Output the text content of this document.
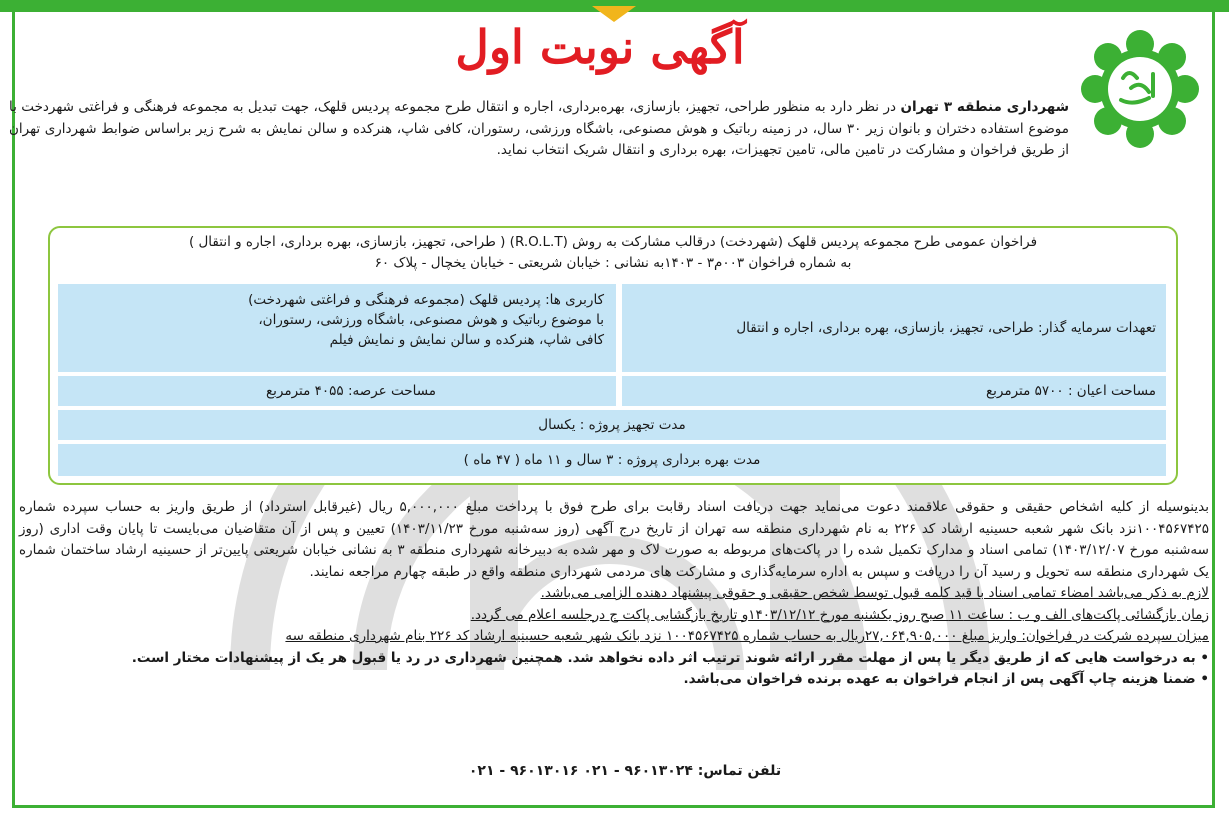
آگهی نوبت اول
شهرداری منطقه ۳ تهران در نظر دارد به منظور طراحی، تجهیز، بازسازی، بهره‌برداری، اجاره و انتقال طرح مجموعه پردیس قلهک، جهت تبدیل به مجموعه فرهنگی و فراغتی شهردخت با موضوع استفاده دختران و بانوان زیر ۳۰ سال، در زمینه رباتیک و هوش مصنوعی، باشگاه ورزشی، رستوران، کافی شاپ، هنرکده و سالن نمایش به شرح زیر براساس ضوابط شهرداری تهران از طریق فراخوان و مشارکت در تامین مالی، تامین تجهیزات، بهره برداری و انتقال شریک انتخاب نماید.
فراخوان عمومی طرح مجموعه پردیس قلهک (شهردخت) درقالب مشارکت به روش (R.O.L.T) ( طراحی، تجهیز، بازسازی، بهره برداری، اجاره و انتقال )
به شماره فراخوان ۰۰۳م۳ - ۱۴۰۳به نشانی : خیابان شریعتی - خیابان یخچال - پلاک ۶۰
تعهدات سرمایه گذار: طراحی، تجهیز، بازسازی، بهره برداری، اجاره و انتقال
کاربری ها: پردیس قلهک (مجموعه فرهنگی و فراغتی شهردخت)
با موضوع رباتیک و هوش مصنوعی، باشگاه ورزشی، رستوران،
کافی شاپ، هنرکده و سالن نمایش و نمایش فیلم
مساحت اعیان : ۵۷۰۰ مترمربع
مساحت عرصه: ۴۰۵۵ مترمربع
مدت تجهیز پروژه : یکسال
مدت بهره برداری پروژه : ۳ سال و ۱۱ ماه ( ۴۷ ماه )

بدینوسیله از کلیه اشخاص حقیقی و حقوقی علاقمند دعوت می‌نماید جهت دریافت اسناد رقابت برای طرح فوق با پرداخت مبلغ ۵,۰۰۰,۰۰۰ ریال (غیرقابل استرداد) از طریق واریز به حساب سپرده شماره ۱۰۰۴۵۶۷۴۲۵نزد بانک شهر شعبه حسینیه ارشاد کد ۲۲۶ به نام شهرداری منطقه سه تهران از تاریخ درج آگهی (روز سه‌شنبه مورخ ۱۴۰۳/۱۱/۲۳) تعیین و پس از آن متقاضیان می‌بایست تا پایان وقت اداری (روز سه‌شنبه مورخ ۱۴۰۳/۱۲/۰۷) تمامی اسناد و مدارک تکمیل شده را در پاکت‌های مربوطه به صورت لاک و مهر شده به دبیرخانه شهرداری منطقه ۳ به نشانی خیابان شریعتی پایین‌تر از حسینیه ارشاد ساختمان شماره یک شهرداری منطقه سه تحویل و رسید آن را دریافت و سپس به اداره سرمایه‌گذاری و مشارکت های مردمی شهرداری منطقه واقع در طبقه چهارم مراجعه نمایند.

لازم به ذکر می‌باشد امضاء تمامی اسناد با قید کلمه قبول توسط شخص حقیقی و حقوقی پیشنهاد دهنده الزامی می‌باشد.

زمان بازگشائی پاکت‌های الف و ب : ساعت ۱۱ صبح روز یکشنبه مورخ ۱۴۰۳/۱۲/۱۲و تاریخ بازگشایی پاکت ج درجلسه اعلام می گردد.

میزان سپرده شرکت در فراخوان: واریز مبلغ ۲۷,۰۶۴,۹۰۵,۰۰۰ریال به حساب شماره ۱۰۰۴۵۶۷۴۲۵ نزد بانک شهر شعبه حسینیه ارشاد کد ۲۲۶ بنام شهرداری منطقه سه

• به درخواست هایی که از طریق دیگر یا پس از مهلت مقرر ارائه شوند ترتیب اثر داده نخواهد شد. همچنین شهرداری در رد یا قبول هر یک از پیشنهادات مختار است.

• ضمنا هزینه چاپ آگهی پس از انجام فراخوان به عهده برنده فراخوان می‌باشد.

تلفن تماس: ۹۶۰۱۳۰۲۴ - ۰۲۱ ۹۶۰۱۳۰۱۶ - ۰۲۱
